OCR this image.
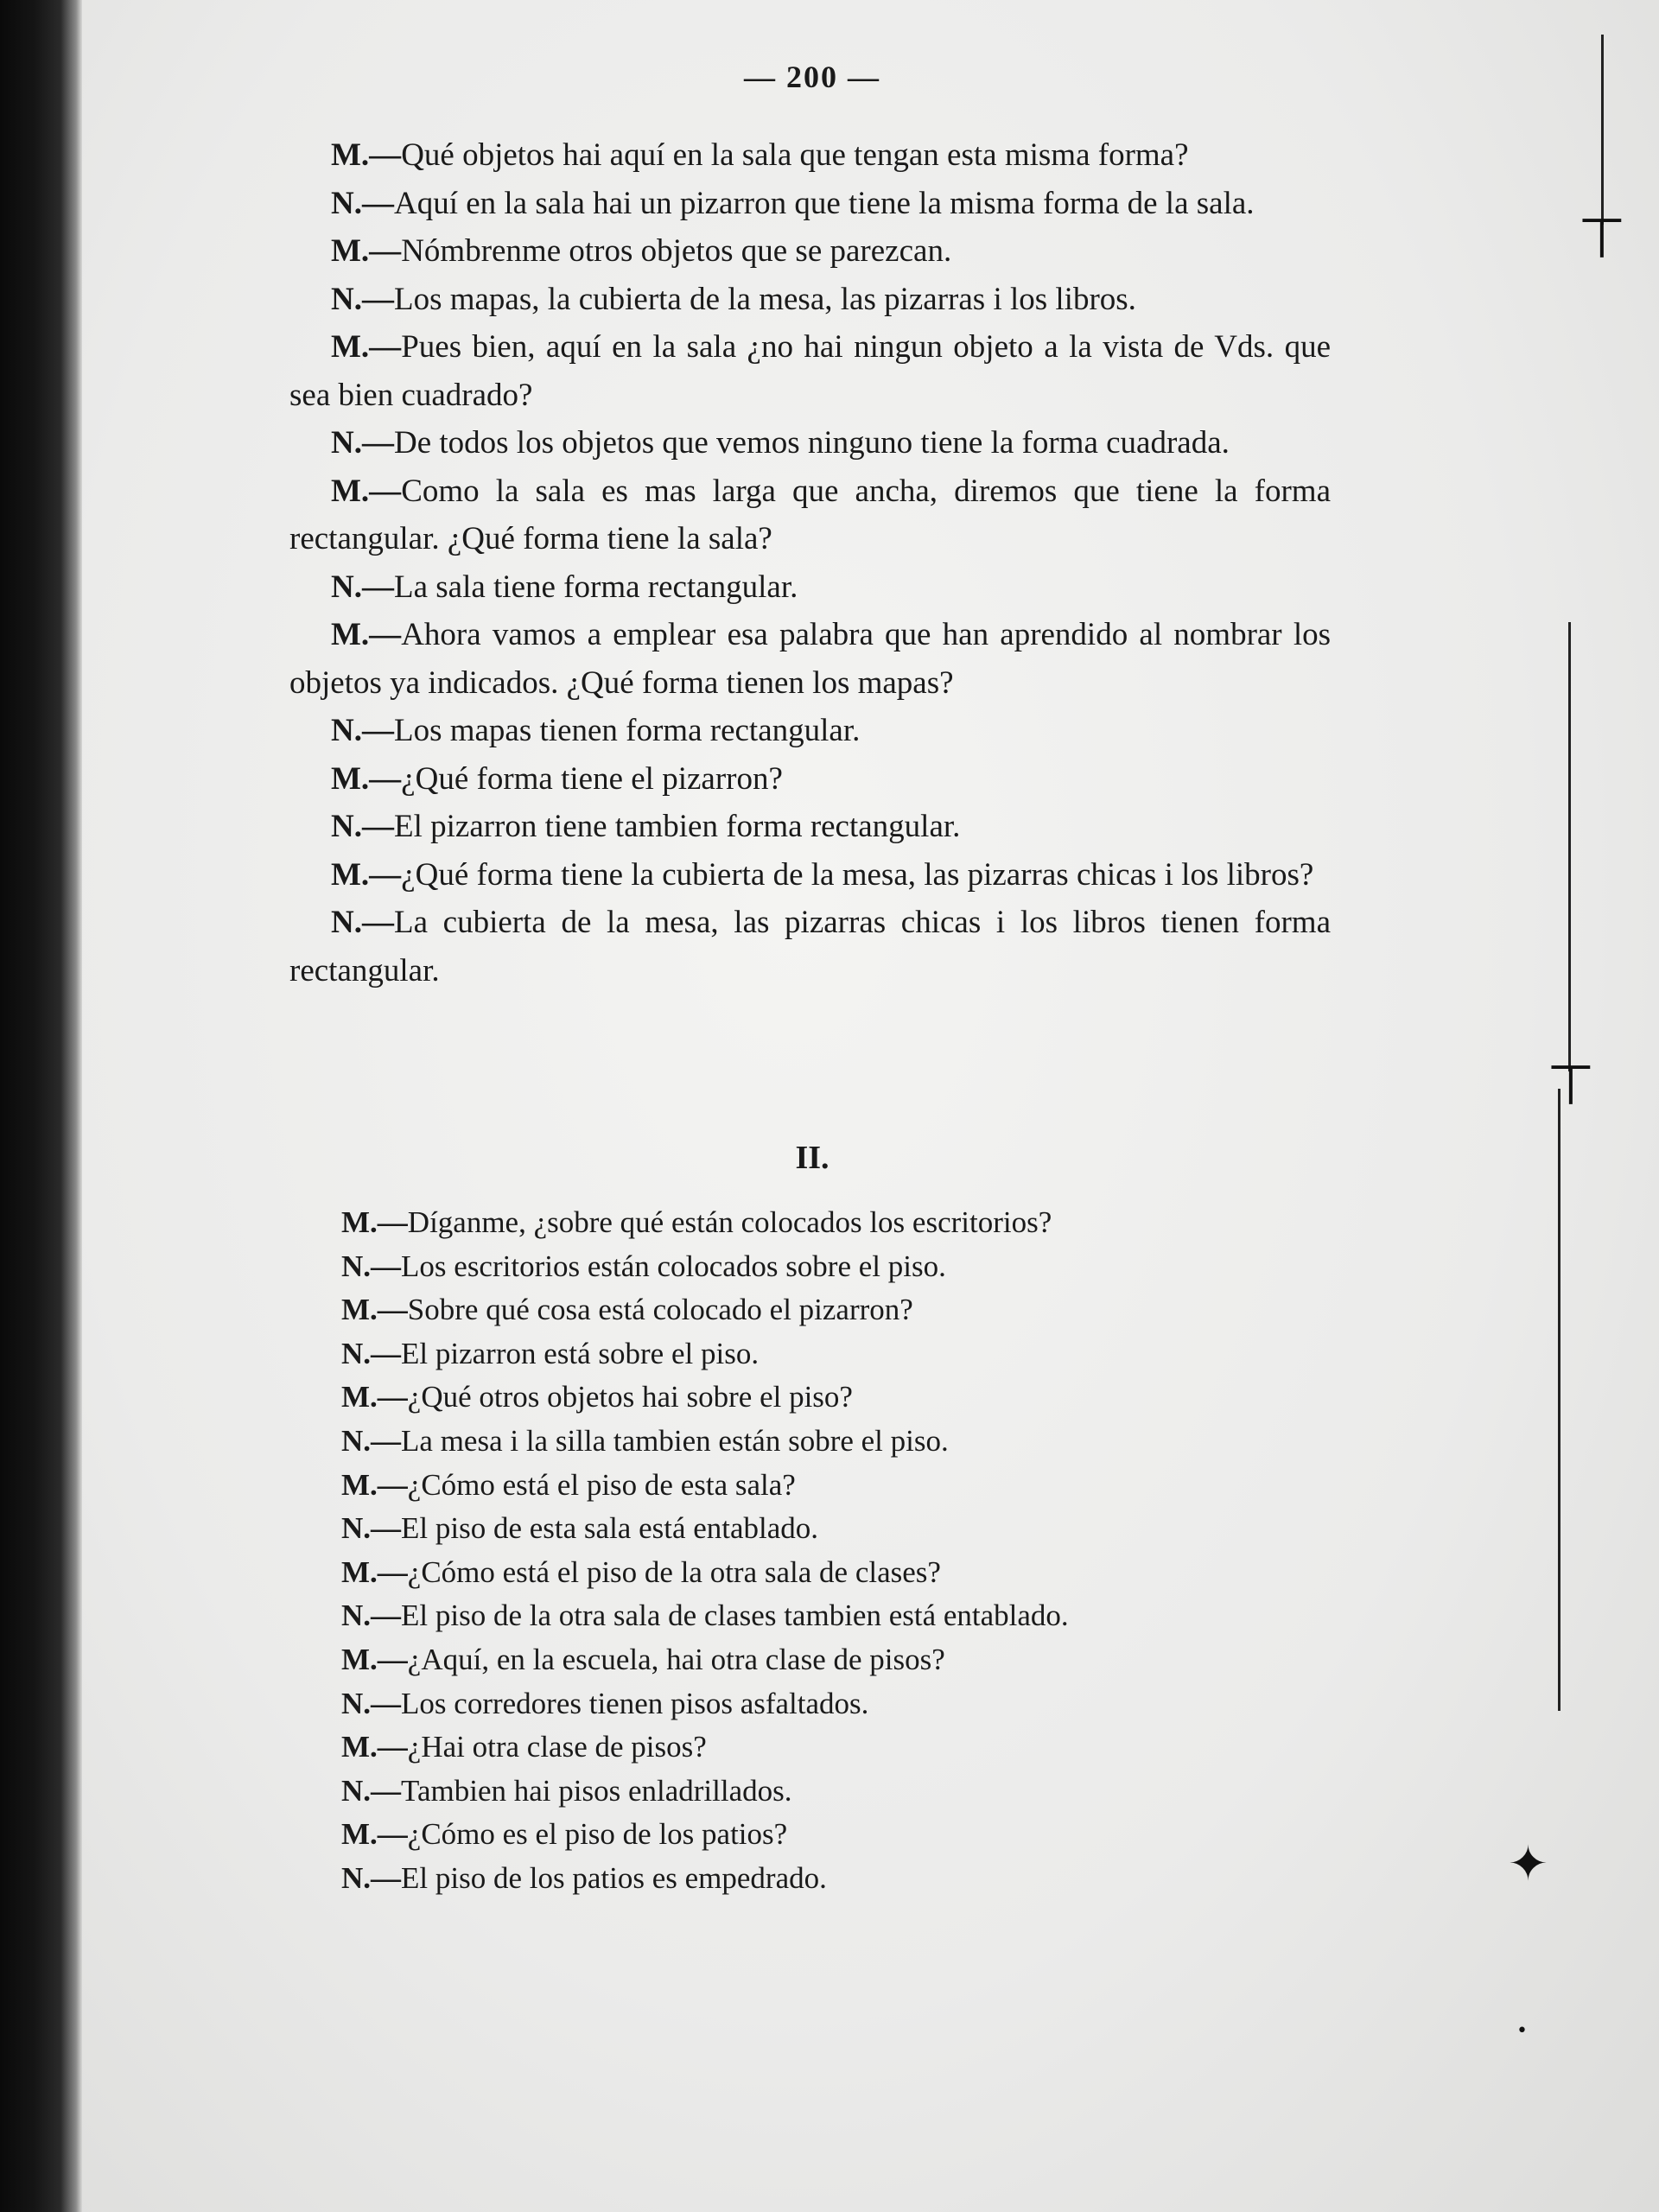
⊤
⊤
✦
•
— 200 —

M.—Qué objetos hai aquí en la sala que tengan esta misma forma?

N.—Aquí en la sala hai un pizarron que tiene la misma forma de la sala.

M.—Nómbrenme otros objetos que se parezcan.

N.—Los mapas, la cubierta de la mesa, las pizarras i los libros.

M.—Pues bien, aquí en la sala ¿no hai ningun objeto a la vista de Vds. que sea bien cuadrado?

N.—De todos los objetos que vemos ninguno tiene la forma cuadrada.

M.—Como la sala es mas larga que ancha, diremos que tiene la forma rectangular. ¿Qué forma tiene la sala?

N.—La sala tiene forma rectangular.

M.—Ahora vamos a emplear esa palabra que han aprendido al nombrar los objetos ya indicados. ¿Qué forma tienen los mapas?

N.—Los mapas tienen forma rectangular.

M.—¿Qué forma tiene el pizarron?

N.—El pizarron tiene tambien forma rectangular.

M.—¿Qué forma tiene la cubierta de la mesa, las pizarras chicas i los libros?

N.—La cubierta de la mesa, las pizarras chicas i los libros tienen forma rectangular.

II.

M.—Díganme, ¿sobre qué están colocados los escritorios?

N.—Los escritorios están colocados sobre el piso.

M.—Sobre qué cosa está colocado el pizarron?

N.—El pizarron está sobre el piso.

M.—¿Qué otros objetos hai sobre el piso?

N.—La mesa i la silla tambien están sobre el piso.

M.—¿Cómo está el piso de esta sala?

N.—El piso de esta sala está entablado.

M.—¿Cómo está el piso de la otra sala de clases?

N.—El piso de la otra sala de clases tambien está entablado.

M.—¿Aquí, en la escuela, hai otra clase de pisos?

N.—Los corredores tienen pisos asfaltados.

M.—¿Hai otra clase de pisos?

N.—Tambien hai pisos enladrillados.

M.—¿Cómo es el piso de los patios?

N.—El piso de los patios es empedrado.
